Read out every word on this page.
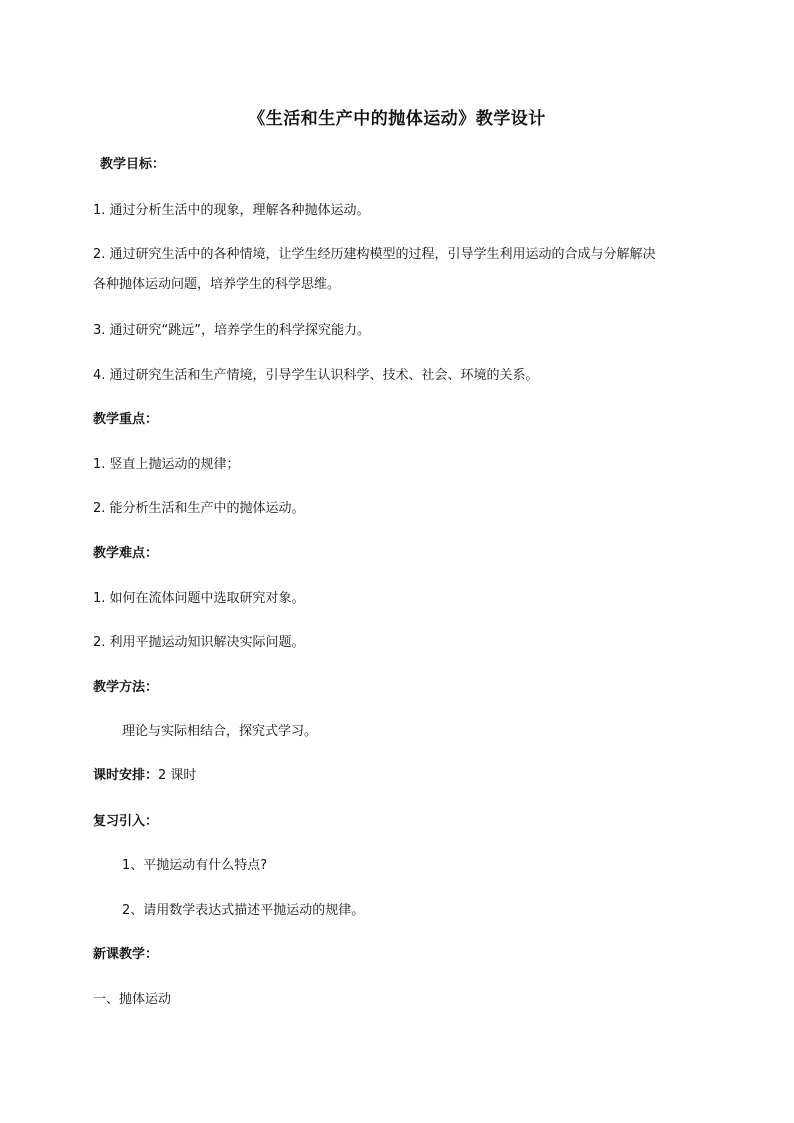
《生活和生产中的抛体运动》教学设计
教学目标：
1. 通过分析生活中的现象，理解各种抛体运动。
2. 通过研究生活中的各种情境，让学生经历建构模型的过程，引导学生利用运动的合成与分解解决
各种抛体运动问题，培养学生的科学思维。
3. 通过研究“跳远”，培养学生的科学探究能力。
4. 通过研究生活和生产情境，引导学生认识科学、技术、社会、环境的关系。
教学重点：
1. 竖直上抛运动的规律；
2. 能分析生活和生产中的抛体运动。
教学难点：
1. 如何在流体问题中选取研究对象。
2. 利用平抛运动知识解决实际问题。
教学方法：
理论与实际相结合，探究式学习。
课时安排：2 课时
复习引入：
1、平抛运动有什么特点?
2、请用数学表达式描述平抛运动的规律。
新课教学：
一、抛体运动
